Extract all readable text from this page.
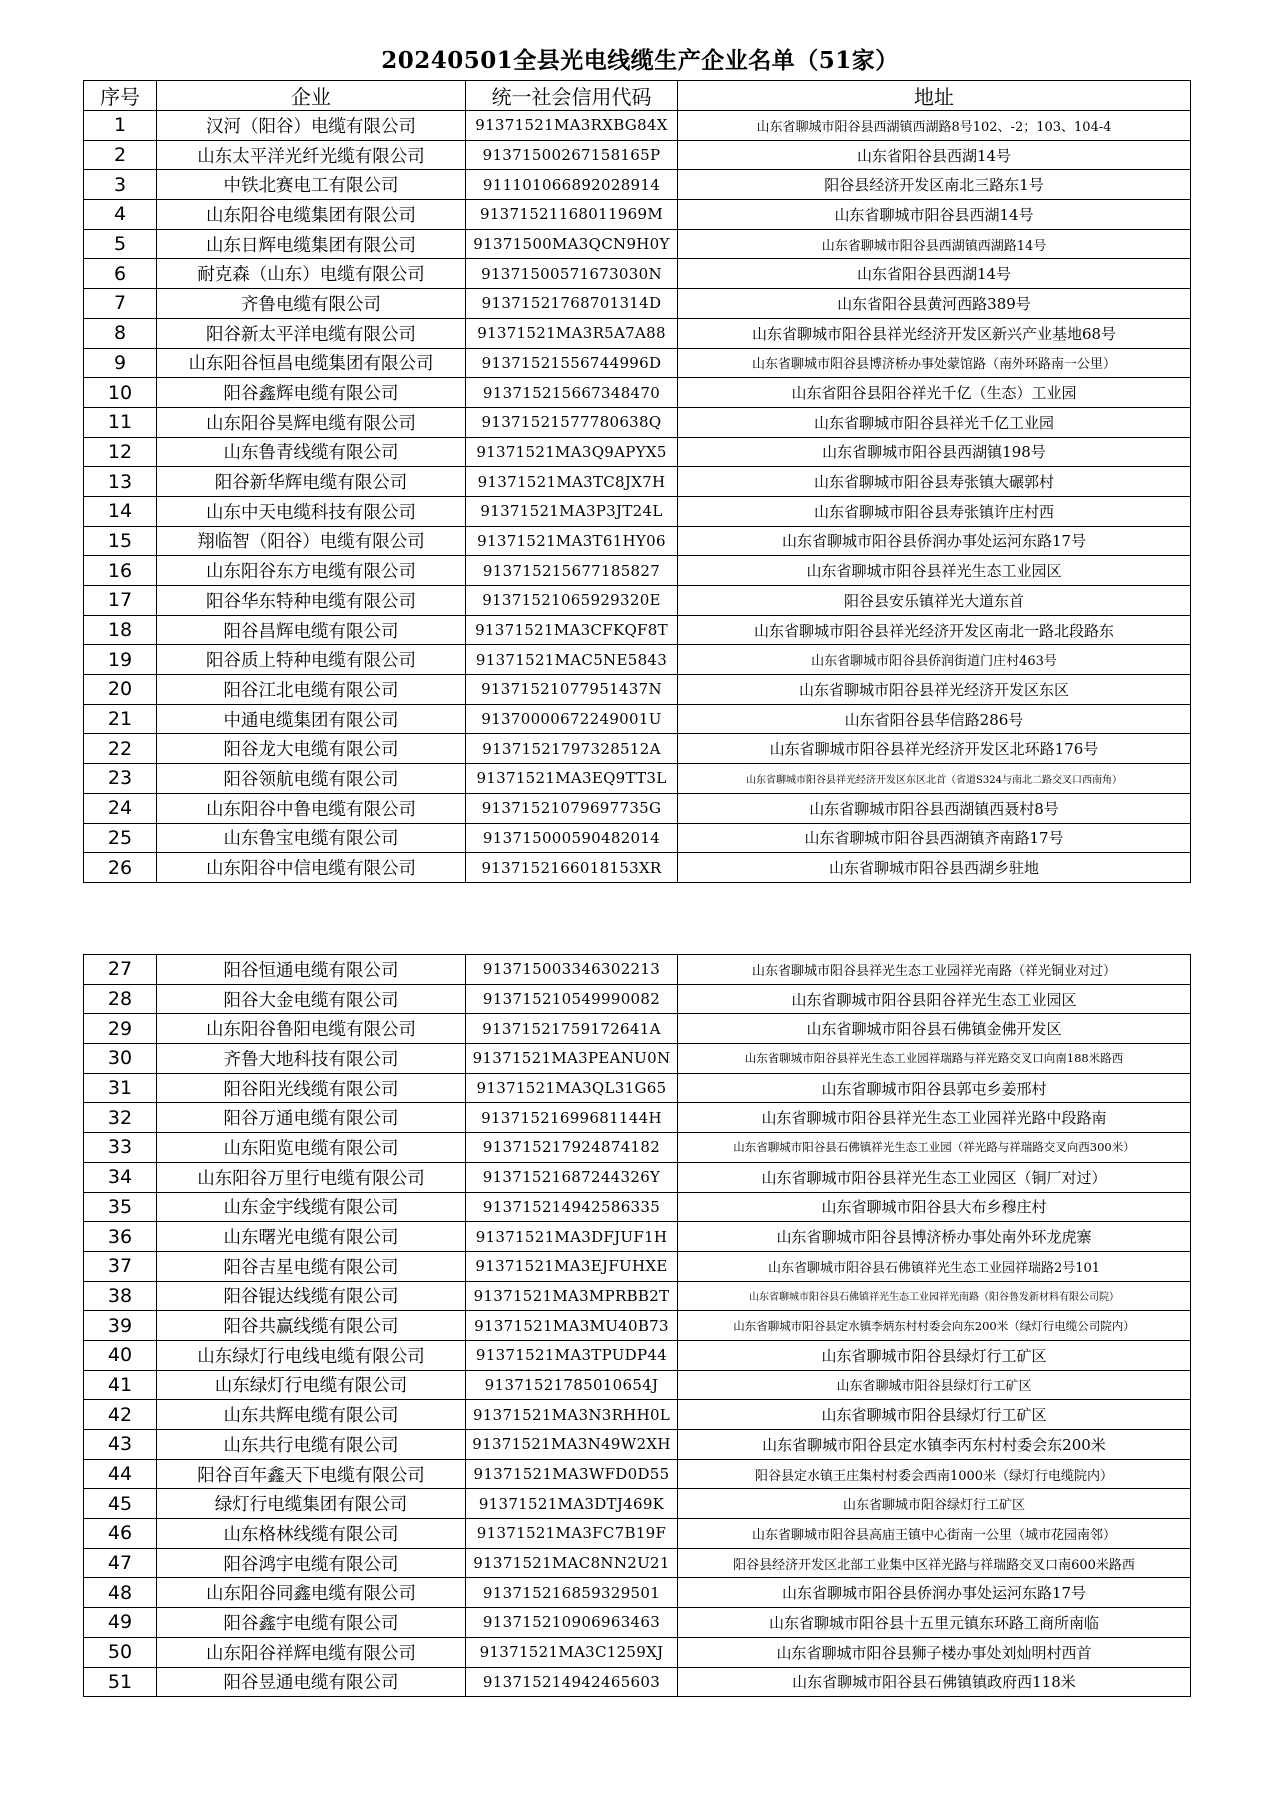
20240501全县光电线缆生产企业名单（51家）
序号	企业	统一社会信用代码	地址
1	汉河（阳谷）电缆有限公司	91371521MA3RXBG84X	山东省聊城市阳谷县西湖镇西湖路8号102、-2；103、104-4
2	山东太平洋光纤光缆有限公司	91371500267158165P	山东省阳谷县西湖14号
3	中铁北赛电工有限公司	911101066892028914	阳谷县经济开发区南北三路东1号
4	山东阳谷电缆集团有限公司	91371521168011969M	山东省聊城市阳谷县西湖14号
5	山东日辉电缆集团有限公司	91371500MA3QCN9H0Y	山东省聊城市阳谷县西湖镇西湖路14号
6	耐克森（山东）电缆有限公司	91371500571673030N	山东省阳谷县西湖14号
7	齐鲁电缆有限公司	91371521768701314D	山东省阳谷县黄河西路389号
8	阳谷新太平洋电缆有限公司	91371521MA3R5A7A88	山东省聊城市阳谷县祥光经济开发区新兴产业基地68号
9	山东阳谷恒昌电缆集团有限公司	91371521556744996D	山东省聊城市阳谷县博济桥办事处蒙馆路（南外环路南一公里）
10	阳谷鑫辉电缆有限公司	913715215667348470	山东省阳谷县阳谷祥光千亿（生态）工业园
11	山东阳谷昊辉电缆有限公司	91371521577780638Q	山东省聊城市阳谷县祥光千亿工业园
12	山东鲁青线缆有限公司	91371521MA3Q9APYX5	山东省聊城市阳谷县西湖镇198号
13	阳谷新华辉电缆有限公司	91371521MA3TC8JX7H	山东省聊城市阳谷县寿张镇大碾郭村
14	山东中天电缆科技有限公司	91371521MA3P3JT24L	山东省聊城市阳谷县寿张镇许庄村西
15	翔临智（阳谷）电缆有限公司	91371521MA3T61HY06	山东省聊城市阳谷县侨润办事处运河东路17号
16	山东阳谷东方电缆有限公司	913715215677185827	山东省聊城市阳谷县祥光生态工业园区
17	阳谷华东特种电缆有限公司	91371521065929320E	阳谷县安乐镇祥光大道东首
18	阳谷昌辉电缆有限公司	91371521MA3CFKQF8T	山东省聊城市阳谷县祥光经济开发区南北一路北段路东
19	阳谷质上特种电缆有限公司	91371521MAC5NE5843	山东省聊城市阳谷县侨润街道门庄村463号
20	阳谷江北电缆有限公司	91371521077951437N	山东省聊城市阳谷县祥光经济开发区东区
21	中通电缆集团有限公司	91370000672249001U	山东省阳谷县华信路286号
22	阳谷龙大电缆有限公司	91371521797328512A	山东省聊城市阳谷县祥光经济开发区北环路176号
23	阳谷领航电缆有限公司	91371521MA3EQ9TT3L	山东省聊城市阳谷县祥光经济开发区东区北首（省道S324与南北二路交叉口西南角）
24	山东阳谷中鲁电缆有限公司	91371521079697735G	山东省聊城市阳谷县西湖镇西聂村8号
25	山东鲁宝电缆有限公司	913715000590482014	山东省聊城市阳谷县西湖镇齐南路17号
26	山东阳谷中信电缆有限公司	9137152166018153XR	山东省聊城市阳谷县西湖乡驻地
27	阳谷恒通电缆有限公司	913715003346302213	山东省聊城市阳谷县祥光生态工业园祥光南路（祥光铜业对过）
28	阳谷大金电缆有限公司	913715210549990082	山东省聊城市阳谷县阳谷祥光生态工业园区
29	山东阳谷鲁阳电缆有限公司	91371521759172641A	山东省聊城市阳谷县石佛镇金佛开发区
30	齐鲁大地科技有限公司	91371521MA3PEANU0N	山东省聊城市阳谷县祥光生态工业园祥瑞路与祥光路交叉口向南188米路西
31	阳谷阳光线缆有限公司	91371521MA3QL31G65	山东省聊城市阳谷县郭屯乡姜邢村
32	阳谷万通电缆有限公司	91371521699681144H	山东省聊城市阳谷县祥光生态工业园祥光路中段路南
33	山东阳览电缆有限公司	913715217924874182	山东省聊城市阳谷县石佛镇祥光生态工业园（祥光路与祥瑞路交叉向西300米）
34	山东阳谷万里行电缆有限公司	91371521687244326Y	山东省聊城市阳谷县祥光生态工业园区（铜厂对过）
35	山东金宇线缆有限公司	913715214942586335	山东省聊城市阳谷县大布乡穆庄村
36	山东曙光电缆有限公司	91371521MA3DFJUF1H	山东省聊城市阳谷县博济桥办事处南外环龙虎寨
37	阳谷吉星电缆有限公司	91371521MA3EJFUHXE	山东省聊城市阳谷县石佛镇祥光生态工业园祥瑞路2号101
38	阳谷锟达线缆有限公司	91371521MA3MPRBB2T	山东省聊城市阳谷县石佛镇祥光生态工业园祥光南路（阳谷鲁发新材料有限公司院）
39	阳谷共赢线缆有限公司	91371521MA3MU40B73	山东省聊城市阳谷县定水镇李炳东村村委会向东200米（绿灯行电缆公司院内）
40	山东绿灯行电线电缆有限公司	91371521MA3TPUDP44	山东省聊城市阳谷县绿灯行工矿区
41	山东绿灯行电缆有限公司	91371521785010654J	山东省聊城市阳谷县绿灯行工矿区
42	山东共辉电缆有限公司	91371521MA3N3RHH0L	山东省聊城市阳谷县绿灯行工矿区
43	山东共行电缆有限公司	91371521MA3N49W2XH	山东省聊城市阳谷县定水镇李丙东村村委会东200米
44	阳谷百年鑫天下电缆有限公司	91371521MA3WFD0D55	阳谷县定水镇王庄集村村委会西南1000米（绿灯行电缆院内）
45	绿灯行电缆集团有限公司	91371521MA3DTJ469K	山东省聊城市阳谷绿灯行工矿区
46	山东格林线缆有限公司	91371521MA3FC7B19F	山东省聊城市阳谷县高庙王镇中心街南一公里（城市花园南邻）
47	阳谷鸿宇电缆有限公司	91371521MAC8NN2U21	阳谷县经济开发区北部工业集中区祥光路与祥瑞路交叉口南600米路西
48	山东阳谷同鑫电缆有限公司	913715216859329501	山东省聊城市阳谷县侨润办事处运河东路17号
49	阳谷鑫宇电缆有限公司	913715210906963463	山东省聊城市阳谷县十五里元镇东环路工商所南临
50	山东阳谷祥辉电缆有限公司	91371521MA3C1259XJ	山东省聊城市阳谷县狮子楼办事处刘灿明村西首
51	阳谷昱通电缆有限公司	913715214942465603	山东省聊城市阳谷县石佛镇镇政府西118米
